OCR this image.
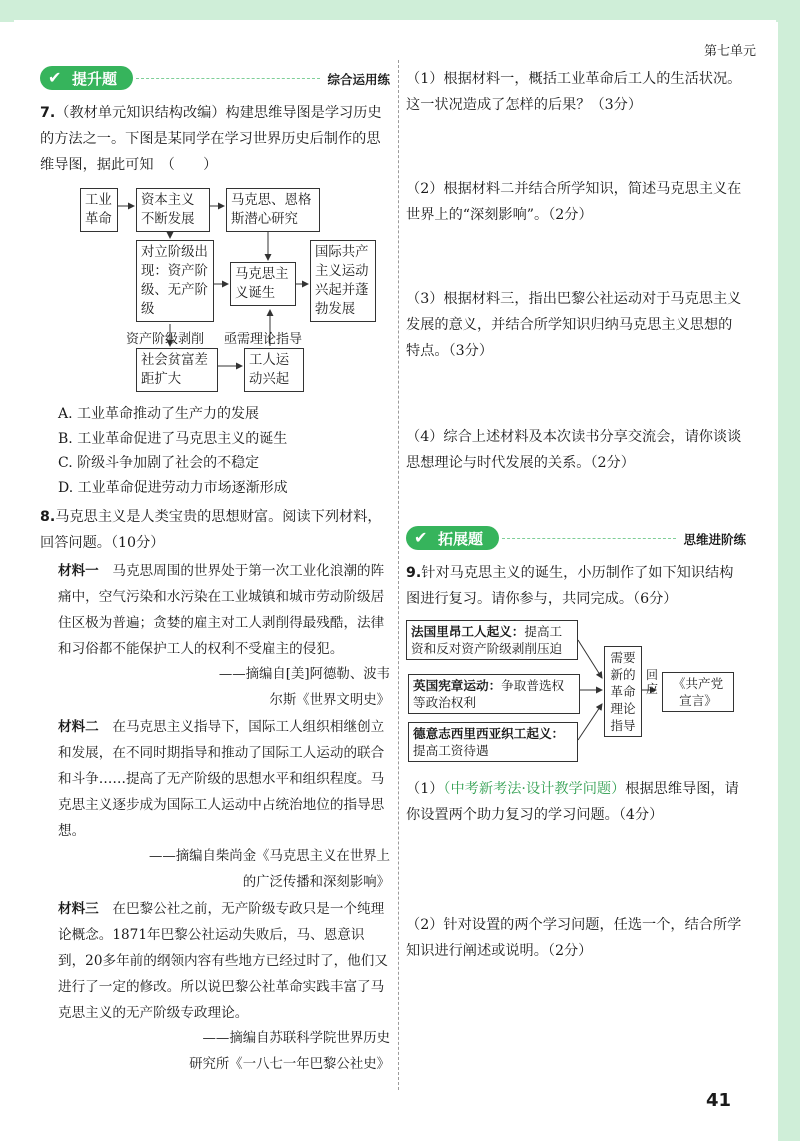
第七单元
✔ 提升题	综合运用练

7.（教材单元知识结构改编）构建思维导图是学习历史的方法之一。下图是某同学在学习世界历史后制作的思维导图，据此可知　（　　）

工业革命
资本主义不断发展
马克思、恩格斯潜心研究
对立阶级出现：资产阶级、无产阶级
马克思主义诞生
国际共产主义运动兴起并蓬勃发展
资产阶级剥削 亟需理论指导
社会贫富差距扩大
工人运动兴起

A. 工业革命推动了生产力的发展

B. 工业革命促进了马克思主义的诞生

C. 阶级斗争加剧了社会的不稳定

D. 工业革命促进劳动力市场逐渐形成

8.马克思主义是人类宝贵的思想财富。阅读下列材料，回答问题。（10分）

材料一　马克思周围的世界处于第一次工业化浪潮的阵痛中，空气污染和水污染在工业城镇和城市劳动阶级居住区极为普遍；贪婪的雇主对工人剥削得最残酷，法律和习俗都不能保护工人的权利不受雇主的侵犯。

——摘编自[美]阿德勒、波韦

尔斯《世界文明史》

材料二　在马克思主义指导下，国际工人组织相继创立和发展，在不同时期指导和推动了国际工人运动的联合和斗争……提高了无产阶级的思想水平和组织程度。马克思主义逐步成为国际工人运动中占统治地位的指导思想。

——摘编自柴尚金《马克思主义在世界上

的广泛传播和深刻影响》

材料三　在巴黎公社之前，无产阶级专政只是一个纯理论概念。1871年巴黎公社运动失败后，马、恩意识到，20多年前的纲领内容有些地方已经过时了，他们又进行了一定的修改。所以说巴黎公社革命实践丰富了马克思主义的无产阶级专政理论。

——摘编自苏联科学院世界历史

研究所《一八七一年巴黎公社史》

（1）根据材料一，概括工业革命后工人的生活状况。这一状况造成了怎样的后果？（3分）

（2）根据材料二并结合所学知识，简述马克思主义在世界上的“深刻影响”。（2分）

（3）根据材料三，指出巴黎公社运动对于马克思主义发展的意义，并结合所学知识归纳马克思主义思想的特点。（3分）

（4）综合上述材料及本次读书分享交流会，请你谈谈思想理论与时代发展的关系。（2分）

✔ 拓展题	思维进阶练

9.针对马克思主义的诞生，小历制作了如下知识结构图进行复习。请你参与，共同完成。（6分）

法国里昂工人起义：提高工资和反对资产阶级剥削压迫
英国宪章运动：争取普选权等政治权利
德意志西里西亚织工起义：提高工资待遇
需要新的革命理论指导
回应	《共产党宣言》

（1）（中考新考法·设计教学问题）根据思维导图，请你设置两个助力复习的学习问题。（4分）

（2）针对设置的两个学习问题，任选一个，结合所学知识进行阐述或说明。（2分）

41
